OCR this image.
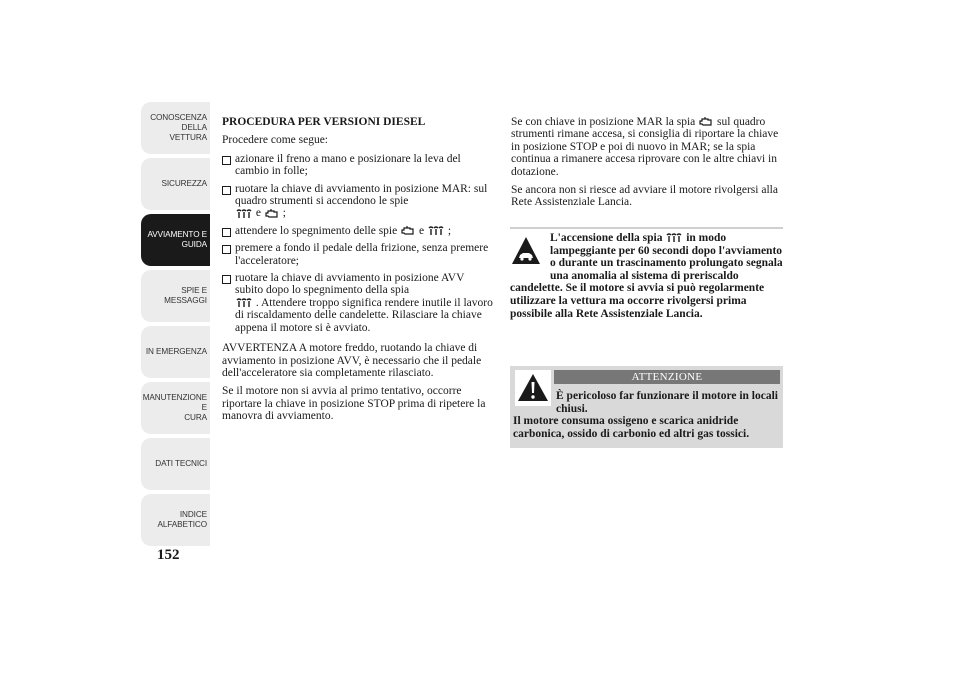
CONOSCENZA
DELLA VETTURA
SICUREZZA
AVVIAMENTO E
GUIDA
SPIE E MESSAGGI
IN EMERGENZA
MANUTENZIONE E
CURA
DATI TECNICI
INDICE
ALFABETICO
152
PROCEDURA PER VERSIONI DIESEL

Procedere come segue:

azionare il freno a mano e posizionare la leva del cambio in folle;
ruotare la chiave di avviamento in posizione MAR: sul quadro strumenti si accendono le spie
e ;
attendere lo spegnimento delle spie e ;
premere a fondo il pedale della frizione, senza premere l'acceleratore;
ruotare la chiave di avviamento in posizione AVV subito dopo lo spegnimento della spia
. Attendere troppo significa rendere inutile il lavoro di riscaldamento delle candelette. Rilasciare la chiave appena il motore si è avviato.

AVVERTENZA A motore freddo, ruotando la chiave di avviamento in posizione AVV, è necessario che il pedale dell'acceleratore sia completamente rilasciato.

Se il motore non si avvia al primo tentativo, occorre riportare la chiave in posizione STOP prima di ripetere la manovra di avviamento.

Se con chiave in posizione MAR la spia sul quadro strumenti rimane accesa, si consiglia di riportare la chiave in posizione STOP e poi di nuovo in MAR; se la spia continua a rimanere accesa riprovare con le altre chiavi in dotazione.

Se ancora non si riesce ad avviare il motore rivolgersi alla Rete Assistenziale Lancia.

L'accensione della spia in modo lampeggiante per 60 secondi dopo l'avviamento o durante un trascinamento prolungato segnala una anomalia al sistema di preriscaldo candelette. Se il motore si avvia si può regolarmente utilizzare la vettura ma occorre rivolgersi prima possibile alla Rete Assistenziale Lancia.
ATTENZIONE
È pericoloso far funzionare il motore in locali chiusi.
Il motore consuma ossigeno e scarica anidride carbonica, ossido di carbonio ed altri gas tossici.
